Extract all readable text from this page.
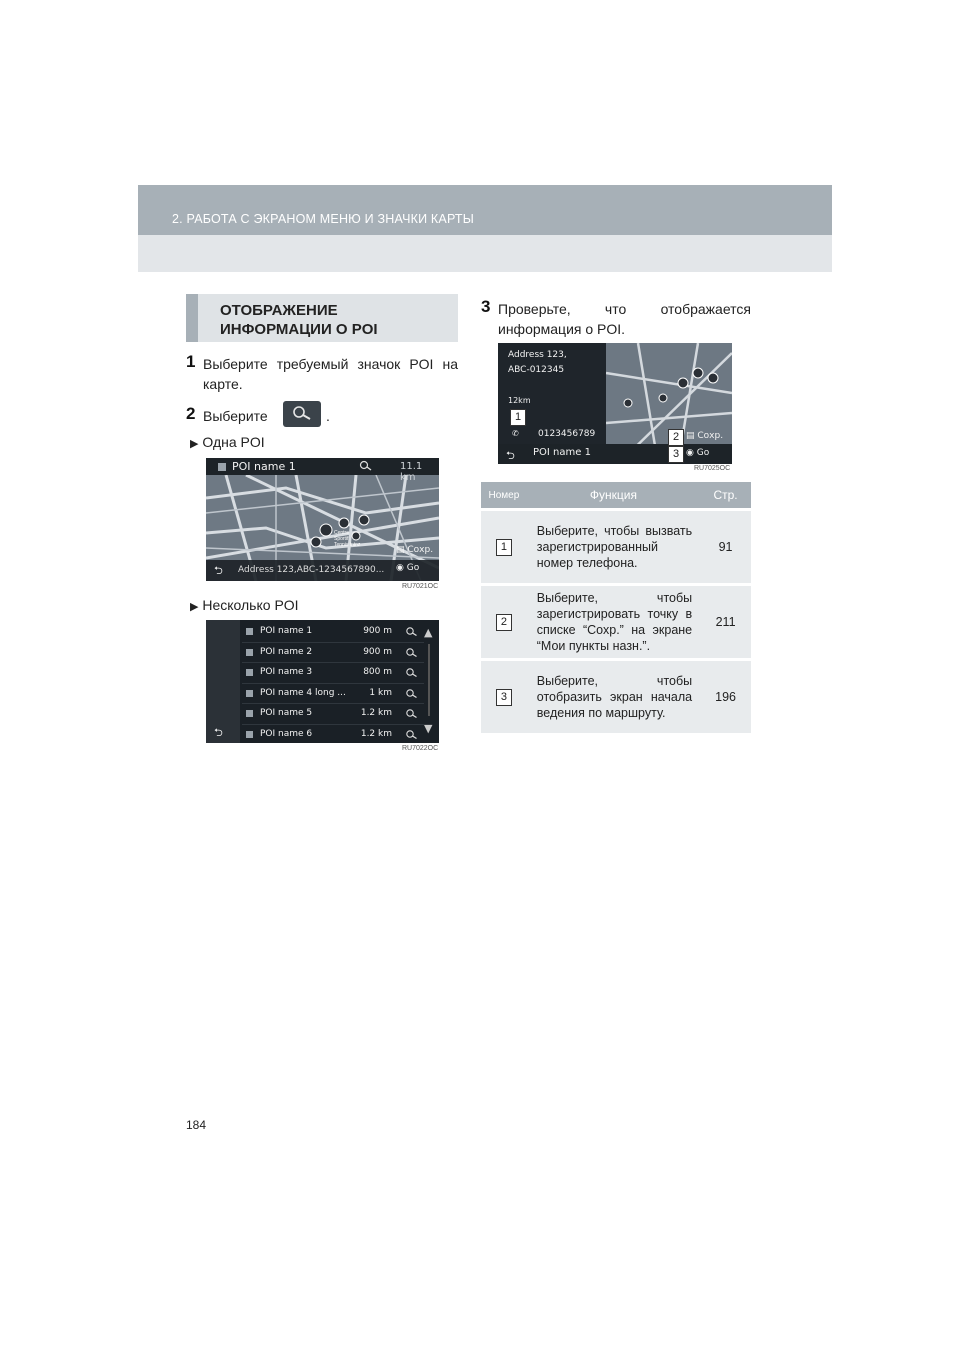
2. РАБОТА С ЭКРАНОМ МЕНЮ И ЗНАЧКИ КАРТЫ
ОТОБРАЖЕНИЕ ИНФОРМАЦИИ О POI
1 Выберите требуемый значок POI на карте.
2 Выберите	.
▶ Одна POI
POI name 1	11.1 km
Centre
Sportif
Tennis intnz	▤ Сохр.
⮌ Address 123,ABC-1234567890... ◉ Go
RU7021OC
▶ Несколько POI
⮌
POI name 1	900 m
POI name 2	900 m
POI name 3	800 m
POI name 4 long ...	1 km
POI name 5	1.2 km
POI name 6	1.2 km
▲
▼
RU7022OC
3 Проверьте, что отображается информация о POI.
Address 123,
ABC-012345
12km
1
✆ 0123456789	2 ▤ Сохр.
⮌ POI name 1	3 ◉ Go
RU7025OC
Номер	Функция	Стр.
1	Выберите, чтобы вызвать зарегистрированный номер телефона.	91
2	Выберите, чтобы зарегистрировать точку в списке “Сохр.” на экране “Мои пункты назн.”.	211
3	Выберите, чтобы отобразить экран начала ведения по маршруту.	196
184
